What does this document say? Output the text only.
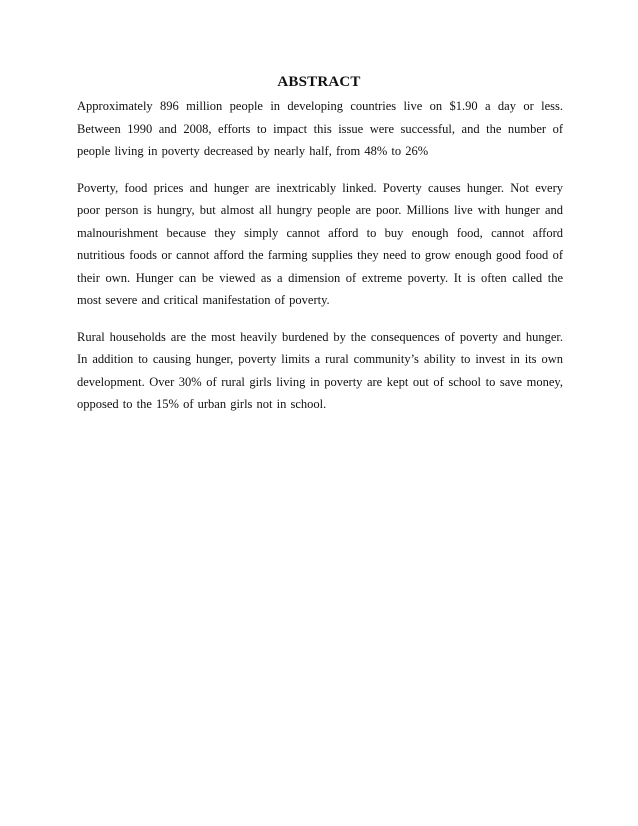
ABSTRACT

Approximately 896 million people in developing countries live on $1.90 a day or less. Between 1990 and 2008, efforts to impact this issue were successful, and the number of people living in poverty decreased by nearly half, from 48% to 26%

Poverty, food prices and hunger are inextricably linked. Poverty causes hunger. Not every poor person is hungry, but almost all hungry people are poor. Millions live with hunger and malnourishment because they simply cannot afford to buy enough food, cannot afford nutritious foods or cannot afford the farming supplies they need to grow enough good food of their own. Hunger can be viewed as a dimension of extreme poverty. It is often called the most severe and critical manifestation of poverty.

Rural households are the most heavily burdened by the consequences of poverty and hunger. In addition to causing hunger, poverty limits a rural community’s ability to invest in its own development. Over 30% of rural girls living in poverty are kept out of school to save money, opposed to the 15% of urban girls not in school.
